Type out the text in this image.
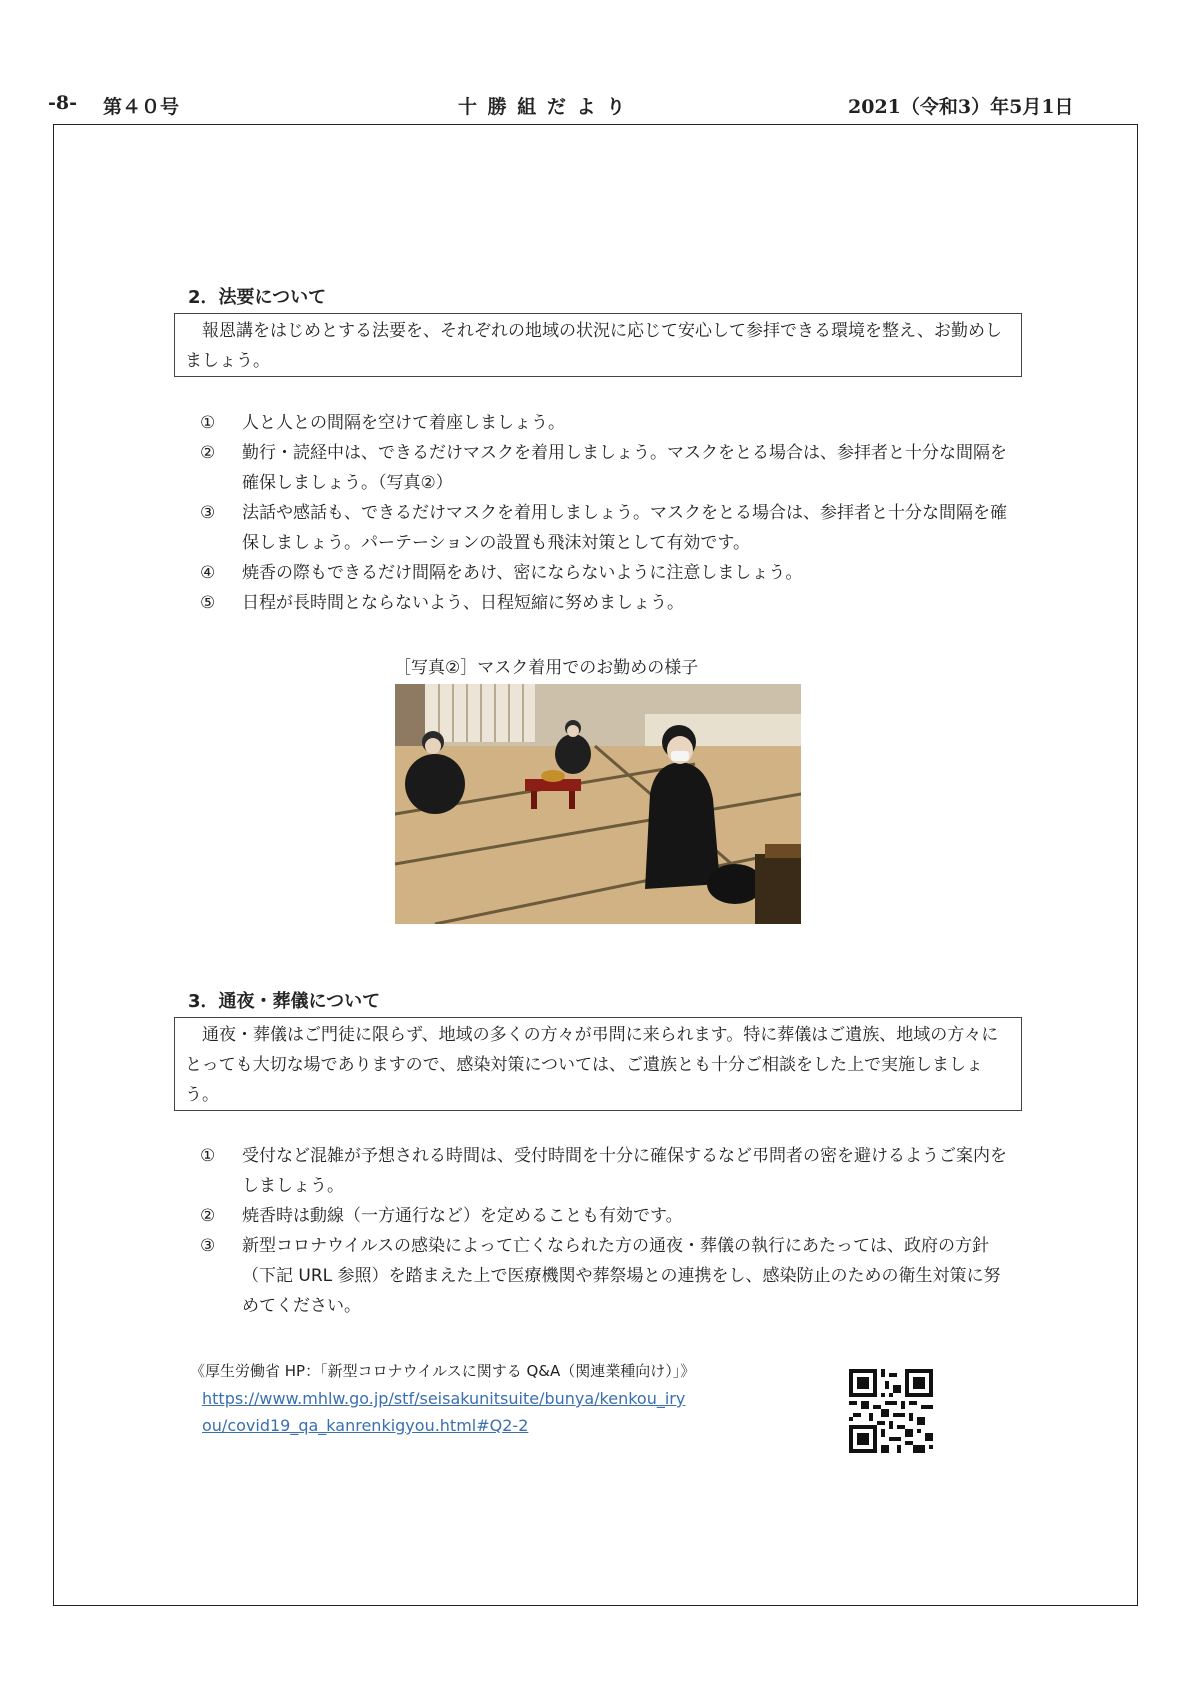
-8- 第４０号	十 勝 組 だ よ り	2021（令和3）年5月1日
2．法要について
報恩講をはじめとする法要を、それぞれの地域の状況に応じて安心して参拝できる環境を整え、お勤めしましょう。
① 人と人との間隔を空けて着座しましょう。
② 勤行・読経中は、できるだけマスクを着用しましょう。マスクをとる場合は、参拝者と十分な間隔を確保しましょう。（写真②）
③ 法話や感話も、できるだけマスクを着用しましょう。マスクをとる場合は、参拝者と十分な間隔を確保しましょう。パーテーションの設置も飛沫対策として有効です。
④ 焼香の際もできるだけ間隔をあけ、密にならないように注意しましょう。
⑤ 日程が長時間とならないよう、日程短縮に努めましょう。
［写真②］マスク着用でのお勤めの様子
3．通夜・葬儀について
通夜・葬儀はご門徒に限らず、地域の多くの方々が弔問に来られます。特に葬儀はご遺族、地域の方々にとっても大切な場でありますので、感染対策については、ご遺族とも十分ご相談をした上で実施しましょう。
① 受付など混雑が予想される時間は、受付時間を十分に確保するなど弔問者の密を避けるようご案内をしましょう。
② 焼香時は動線（一方通行など）を定めることも有効です。
③ 新型コロナウイルスの感染によって亡くなられた方の通夜・葬儀の執行にあたっては、政府の方針（下記 URL 参照）を踏まえた上で医療機関や葬祭場との連携をし、感染防止のための衛生対策に努めてください。
《厚生労働省 HP：「新型コロナウイルスに関する Q&A（関連業種向け）」》
https://www.mhlw.go.jp/stf/seisakunitsuite/bunya/kenkou_iry
ou/covid19_qa_kanrenkigyou.html#Q2-2
